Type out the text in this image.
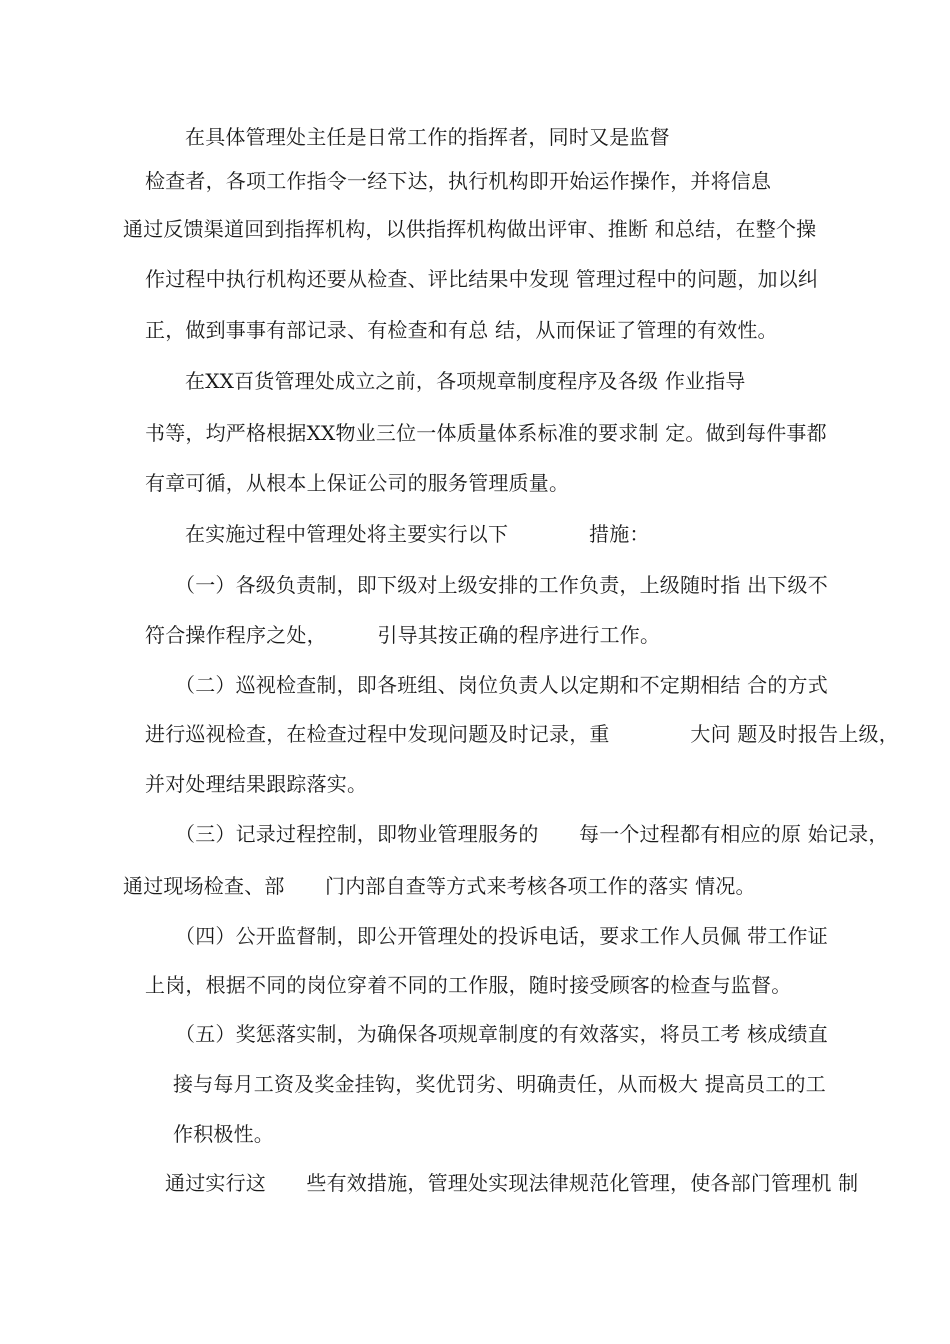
在具体管理处主任是日常工作的指挥者，同时又是监督
检查者，各项工作指令一经下达，执行机构即开始运作操作，并将信息
通过反馈渠道回到指挥机构，以供指挥机构做出评审、推断 和总结，在整个操
作过程中执行机构还要从检查、评比结果中发现 管理过程中的问题，加以纠
正，做到事事有部记录、有检查和有总 结，从而保证了管理的有效性。
在XX百货管理处成立之前，各项规章制度程序及各级 作业指导
书等，均严格根据XX物业三位一体质量体系标准的要求制 定。做到每件事都
有章可循，从根本上保证公司的服务管理质量。
在实施过程中管理处将主要实行以下　　　　措施：
（一）各级负责制，即下级对上级安排的工作负责，上级随时指 出下级不
符合操作程序之处，　　　引导其按正确的程序进行工作。
（二）巡视检查制，即各班组、岗位负责人以定期和不定期相结 合的方式
进行巡视检查，在检查过程中发现问题及时记录，重　　　　大问 题及时报告上级，
并对处理结果跟踪落实。
（三）记录过程控制，即物业管理服务的　　每一个过程都有相应的原 始记录，
通过现场检查、部　　门内部自查等方式来考核各项工作的落实 情况。
（四）公开监督制，即公开管理处的投诉电话，要求工作人员佩 带工作证
上岗，根据不同的岗位穿着不同的工作服，随时接受顾客的检查与监督。
（五）奖惩落实制，为确保各项规章制度的有效落实，将员工考 核成绩直
接与每月工资及奖金挂钩，奖优罚劣、明确责任，从而极大 提高员工的工
作积极性。
通过实行这　　些有效措施，管理处实现法律规范化管理，使各部门管理机 制
